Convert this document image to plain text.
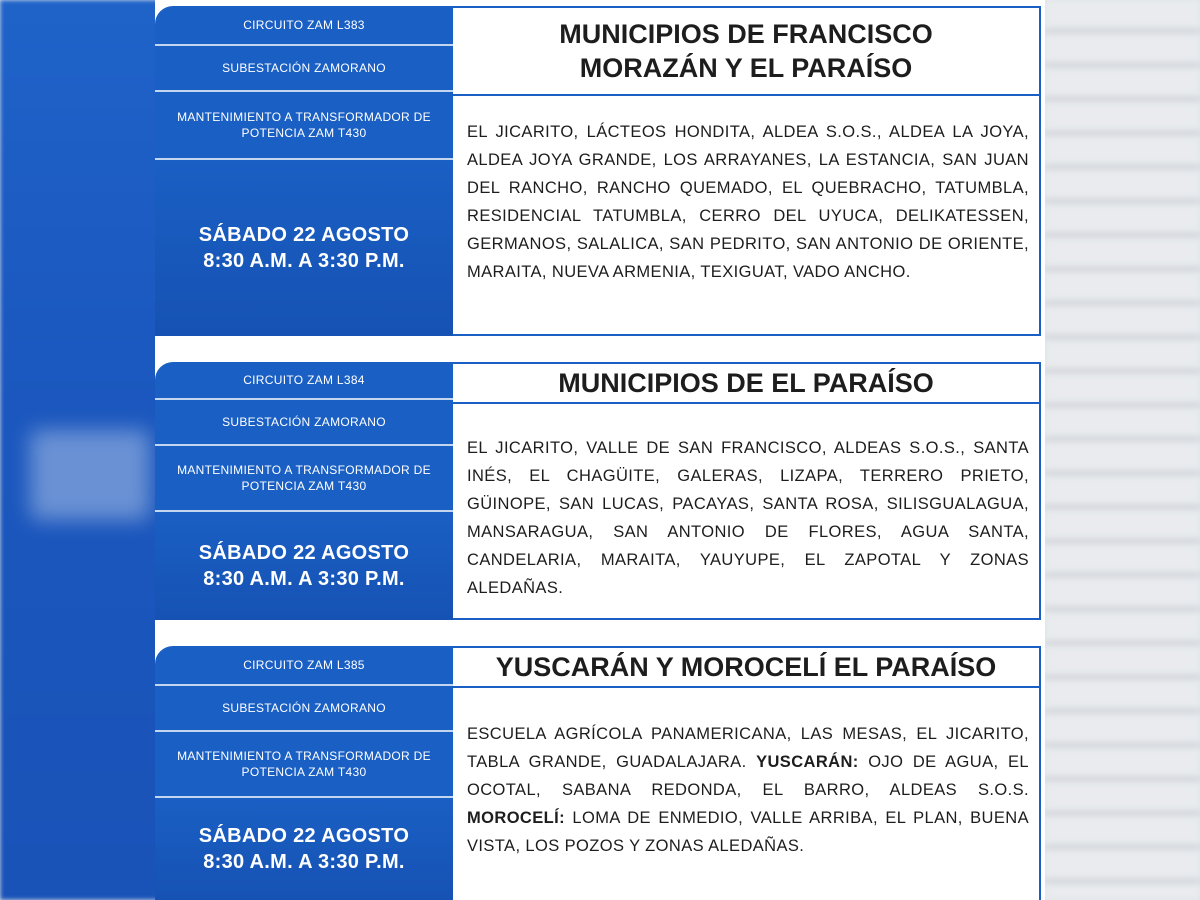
CIRCUITO ZAM L383
SUBESTACIÓN ZAMORANO
MANTENIMIENTO A TRANSFORMADOR DE POTENCIA ZAM T430
SÁBADO 22 AGOSTO
8:30 A.M. A 3:30 P.M.
MUNICIPIOS DE FRANCISCO MORAZÁN Y EL PARAÍSO
EL JICARITO, LÁCTEOS HONDITA, ALDEA S.O.S., ALDEA LA JOYA, ALDEA JOYA GRANDE, LOS ARRAYANES, LA ESTANCIA, SAN JUAN DEL RANCHO, RANCHO QUEMADO, EL QUEBRACHO, TATUMBLA, RESIDENCIAL TATUMBLA, CERRO DEL UYUCA, DELIKATESSEN, GERMANOS, SALALICA, SAN PEDRITO, SAN ANTONIO DE ORIENTE, MARAITA, NUEVA ARMENIA, TEXIGUAT, VADO ANCHO.
CIRCUITO ZAM L384
SUBESTACIÓN ZAMORANO
MANTENIMIENTO A TRANSFORMADOR DE POTENCIA ZAM T430
SÁBADO 22 AGOSTO
8:30 A.M. A 3:30 P.M.
MUNICIPIOS DE EL PARAÍSO
EL JICARITO, VALLE DE SAN FRANCISCO, ALDEAS S.O.S., SANTA INÉS, EL CHAGÜITE, GALERAS, LIZAPA, TERRERO PRIETO, GÜINOPE, SAN LUCAS, PACAYAS, SANTA ROSA, SILISGUALAGUA, MANSARAGUA, SAN ANTONIO DE FLORES, AGUA SANTA, CANDELARIA, MARAITA, YAUYUPE, EL ZAPOTAL Y ZONAS ALEDAÑAS.
CIRCUITO ZAM L385
SUBESTACIÓN ZAMORANO
MANTENIMIENTO A TRANSFORMADOR DE POTENCIA ZAM T430
SÁBADO 22 AGOSTO
8:30 A.M. A 3:30 P.M.
YUSCARÁN Y MOROCELÍ EL PARAÍSO
ESCUELA AGRÍCOLA PANAMERICANA, LAS MESAS, EL JICARITO, TABLA GRANDE, GUADALAJARA. YUSCARÁN: OJO DE AGUA, EL OCOTAL, SABANA REDONDA, EL BARRO, ALDEAS S.O.S. MOROCELÍ: LOMA DE ENMEDIO, VALLE ARRIBA, EL PLAN, BUENA VISTA, LOS POZOS Y ZONAS ALEDAÑAS.
